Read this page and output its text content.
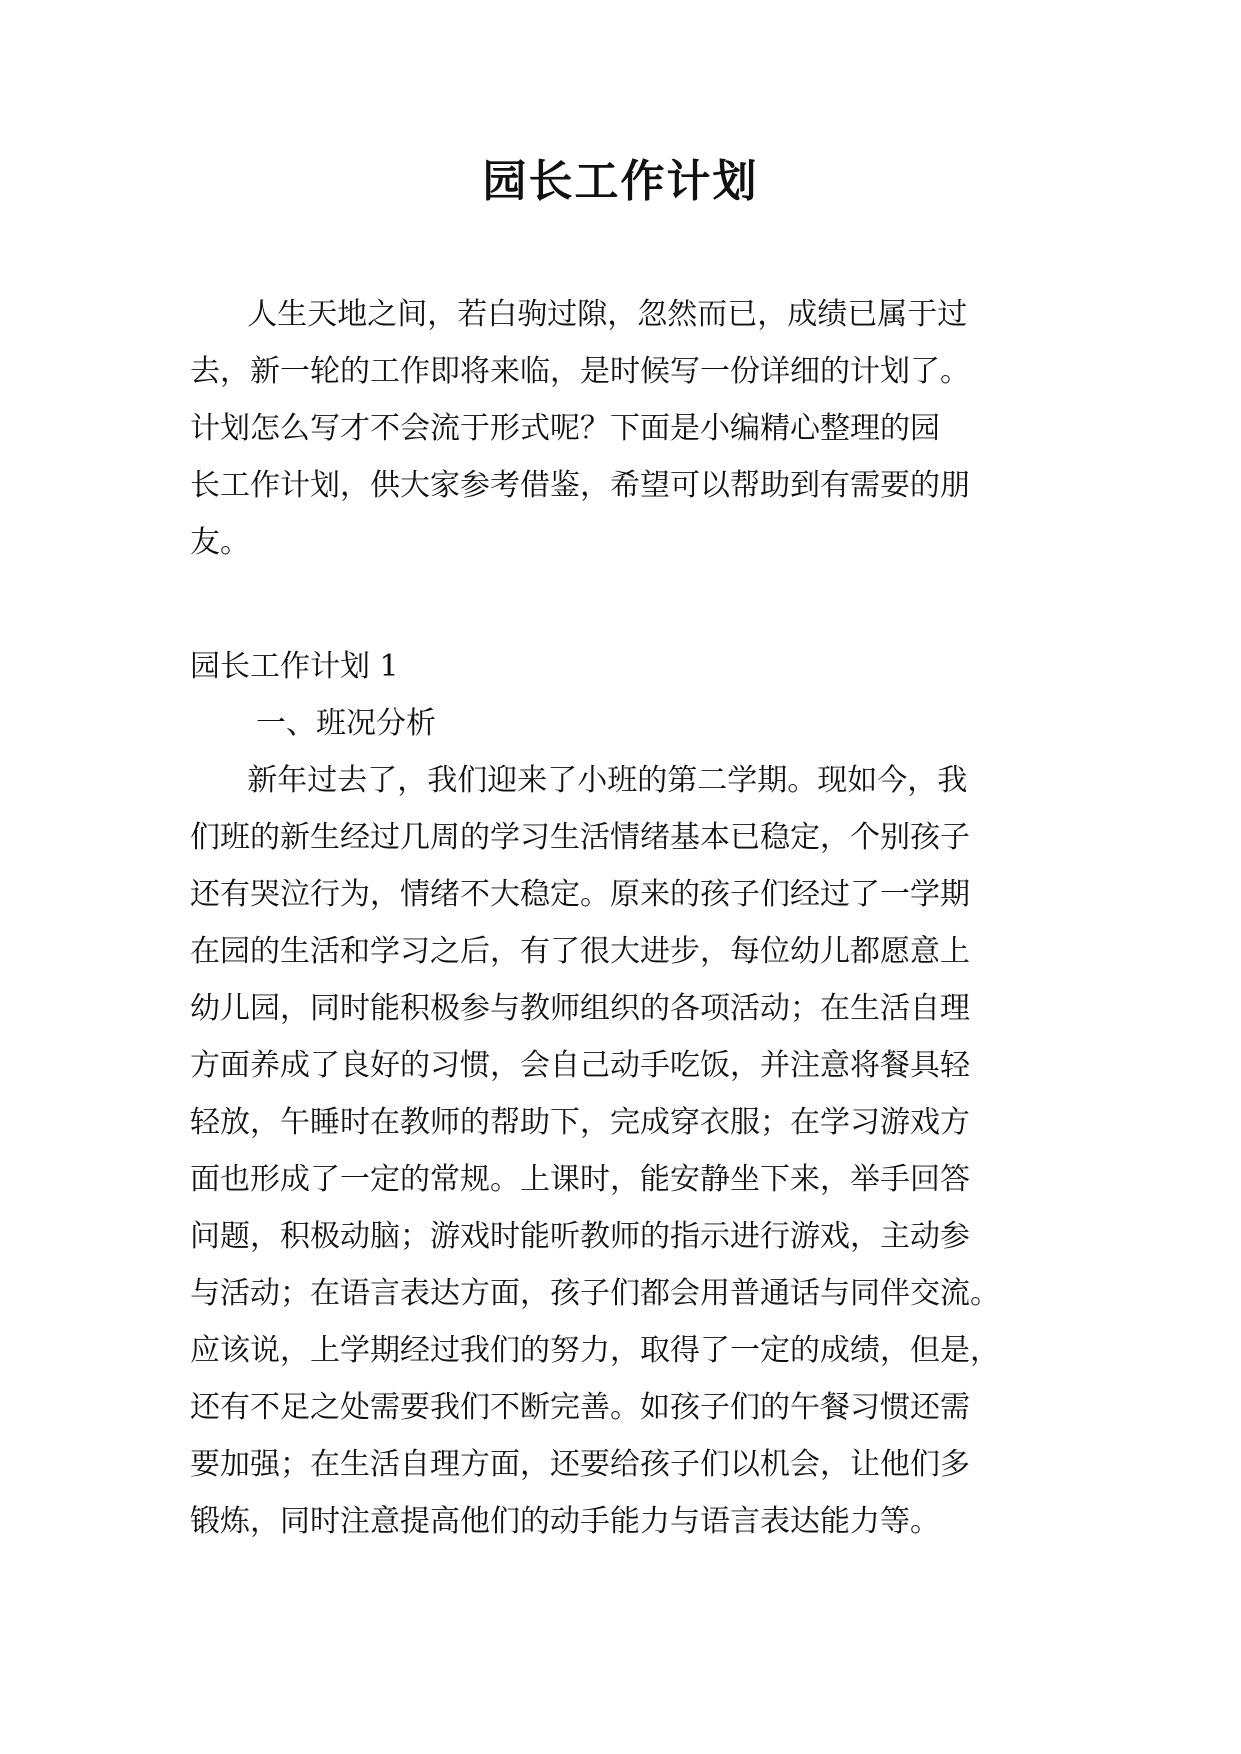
园长工作计划

人生天地之间，若白驹过隙，忽然而已，成绩已属于过
去，新一轮的工作即将来临，是时候写一份详细的计划了。
计划怎么写才不会流于形式呢？下面是小编精心整理的园
长工作计划，供大家参考借鉴，希望可以帮助到有需要的朋
友。

园长工作计划 1

一、班况分析

新年过去了，我们迎来了小班的第二学期。现如今，我
们班的新生经过几周的学习生活情绪基本已稳定，个别孩子
还有哭泣行为，情绪不大稳定。原来的孩子们经过了一学期
在园的生活和学习之后，有了很大进步，每位幼儿都愿意上
幼儿园，同时能积极参与教师组织的各项活动；在生活自理
方面养成了良好的习惯，会自己动手吃饭，并注意将餐具轻
轻放，午睡时在教师的帮助下，完成穿衣服；在学习游戏方
面也形成了一定的常规。上课时，能安静坐下来，举手回答
问题，积极动脑；游戏时能听教师的指示进行游戏，主动参
与活动；在语言表达方面，孩子们都会用普通话与同伴交流。
应该说，上学期经过我们的努力，取得了一定的成绩，但是，
还有不足之处需要我们不断完善。如孩子们的午餐习惯还需
要加强；在生活自理方面，还要给孩子们以机会，让他们多
锻炼，同时注意提高他们的动手能力与语言表达能力等。
